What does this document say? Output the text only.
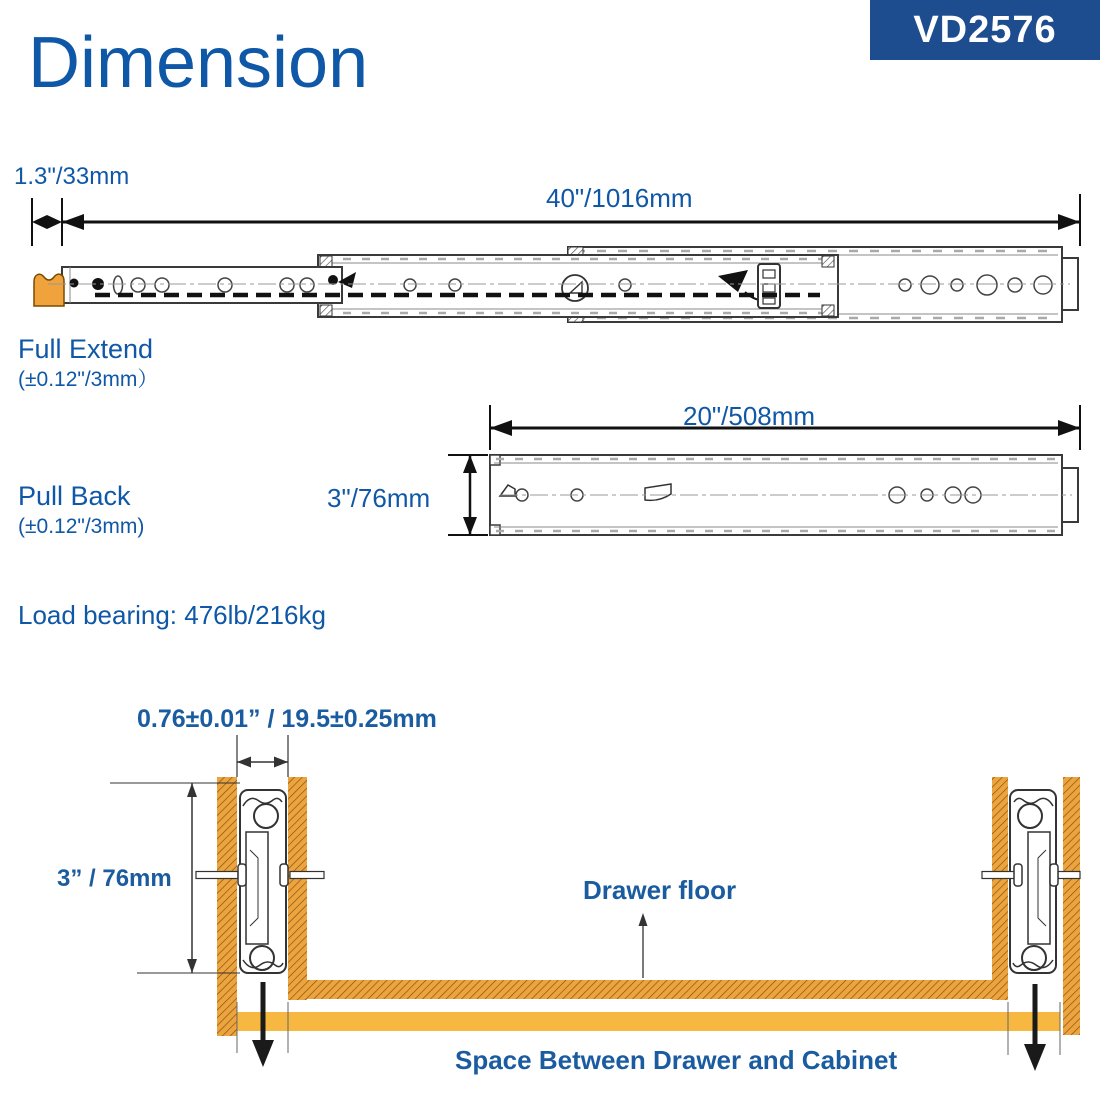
VD2576
Dimension
1.3"/33mm
40"/1016mm
Full Extend
(±0.12"/3mm）
Pull Back
(±0.12"/3mm)
20"/508mm
3"/76mm
Load bearing: 476lb/216kg
0.76±0.01” / 19.5±0.25mm
3” / 76mm	Drawer floor
Space Between Drawer and Cabinet
